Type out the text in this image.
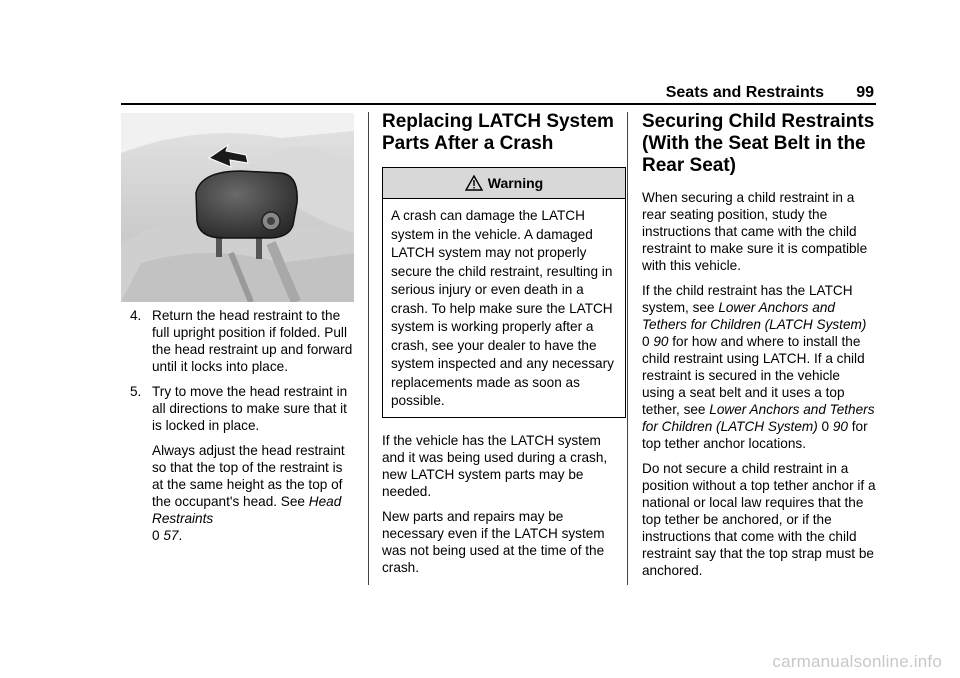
Seats and Restraints 99
4. Return the head restraint to the full upright position if folded. Pull the head restraint up and forward until it locks into place.

5. Try to move the head restraint in all directions to make sure that it is locked in place.

Always adjust the head restraint so that the top of the restraint is at the same height as the top of the occupant's head. See Head Restraints
0 57.

Replacing LATCH System Parts After a Crash
Warning

A crash can damage the LATCH system in the vehicle. A damaged LATCH system may not properly secure the child restraint, resulting in serious injury or even death in a crash. To help make sure the LATCH system is working properly after a crash, see your dealer to have the system inspected and any necessary replacements made as soon as possible.

If the vehicle has the LATCH system and it was being used during a crash, new LATCH system parts may be needed.

New parts and repairs may be necessary even if the LATCH system was not being used at the time of the crash.

Securing Child Restraints (With the Seat Belt in the Rear Seat)

When securing a child restraint in a rear seating position, study the instructions that came with the child restraint to make sure it is compatible with this vehicle.

If the child restraint has the LATCH system, see Lower Anchors and Tethers for Children (LATCH System) 0 90 for how and where to install the child restraint using LATCH. If a child restraint is secured in the vehicle using a seat belt and it uses a top tether, see Lower Anchors and Tethers for Children (LATCH System) 0 90 for top tether anchor locations.

Do not secure a child restraint in a position without a top tether anchor if a national or local law requires that the top tether be anchored, or if the instructions that come with the child restraint say that the top strap must be anchored.

carmanualsonline.info
